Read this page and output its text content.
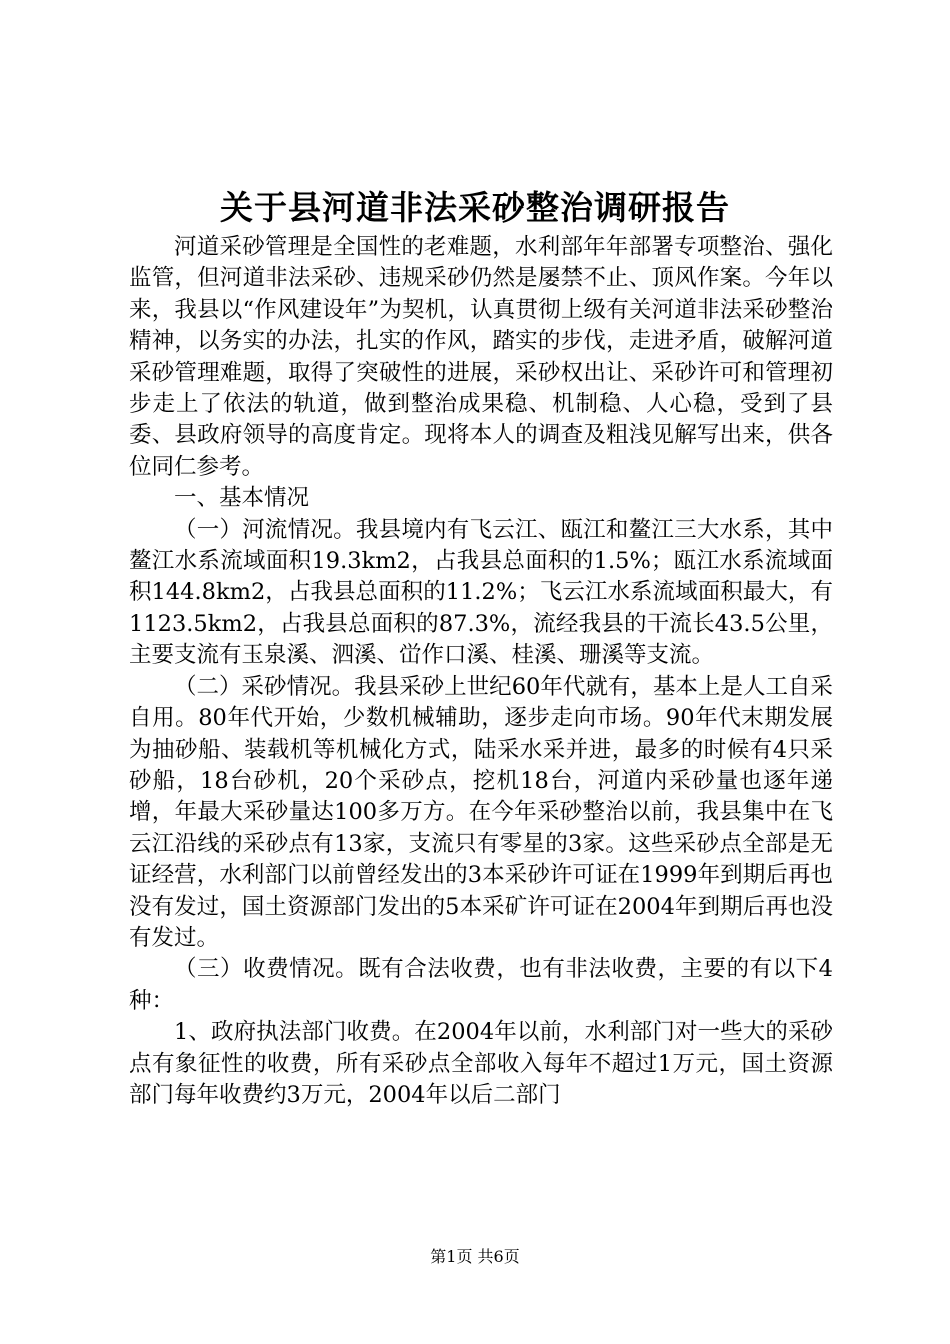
关于县河道非法采砂整治调研报告

河道采砂管理是全国性的老难题，水利部年年部署专项整治、强化监管，但河道非法采砂、违规采砂仍然是屡禁不止、顶风作案。今年以来，我县以“作风建设年”为契机，认真贯彻上级有关河道非法采砂整治精神，以务实的办法，扎实的作风，踏实的步伐，走进矛盾，破解河道采砂管理难题，取得了突破性的进展，采砂权出让、采砂许可和管理初步走上了依法的轨道，做到整治成果稳、机制稳、人心稳，受到了县委、县政府领导的高度肯定。现将本人的调查及粗浅见解写出来，供各位同仁参考。

一、基本情况

（一）河流情况。我县境内有飞云江、瓯江和鳌江三大水系，其中鳌江水系流域面积19.3km2，占我县总面积的1.5%；瓯江水系流域面积144.8km2，占我县总面积的11.2%；飞云江水系流域面积最大，有1123.5km2，占我县总面积的87.3%，流经我县的干流长43.5公里，主要支流有玉泉溪、泗溪、峃作口溪、桂溪、珊溪等支流。

（二）采砂情况。我县采砂上世纪60年代就有，基本上是人工自采自用。80年代开始，少数机械辅助，逐步走向市场。90年代末期发展为抽砂船、装载机等机械化方式，陆采水采并进，最多的时候有4只采砂船，18台砂机，20个采砂点，挖机18台，河道内采砂量也逐年递增，年最大采砂量达100多万方。在今年采砂整治以前，我县集中在飞云江沿线的采砂点有13家，支流只有零星的3家。这些采砂点全部是无证经营，水利部门以前曾经发出的3本采砂许可证在1999年到期后再也没有发过，国土资源部门发出的5本采矿许可证在2004年到期后再也没有发过。

（三）收费情况。既有合法收费，也有非法收费，主要的有以下4种：

1、政府执法部门收费。在2004年以前，水利部门对一些大的采砂点有象征性的收费，所有采砂点全部收入每年不超过1万元，国土资源部门每年收费约3万元，2004年以后二部门

第1页 共6页
